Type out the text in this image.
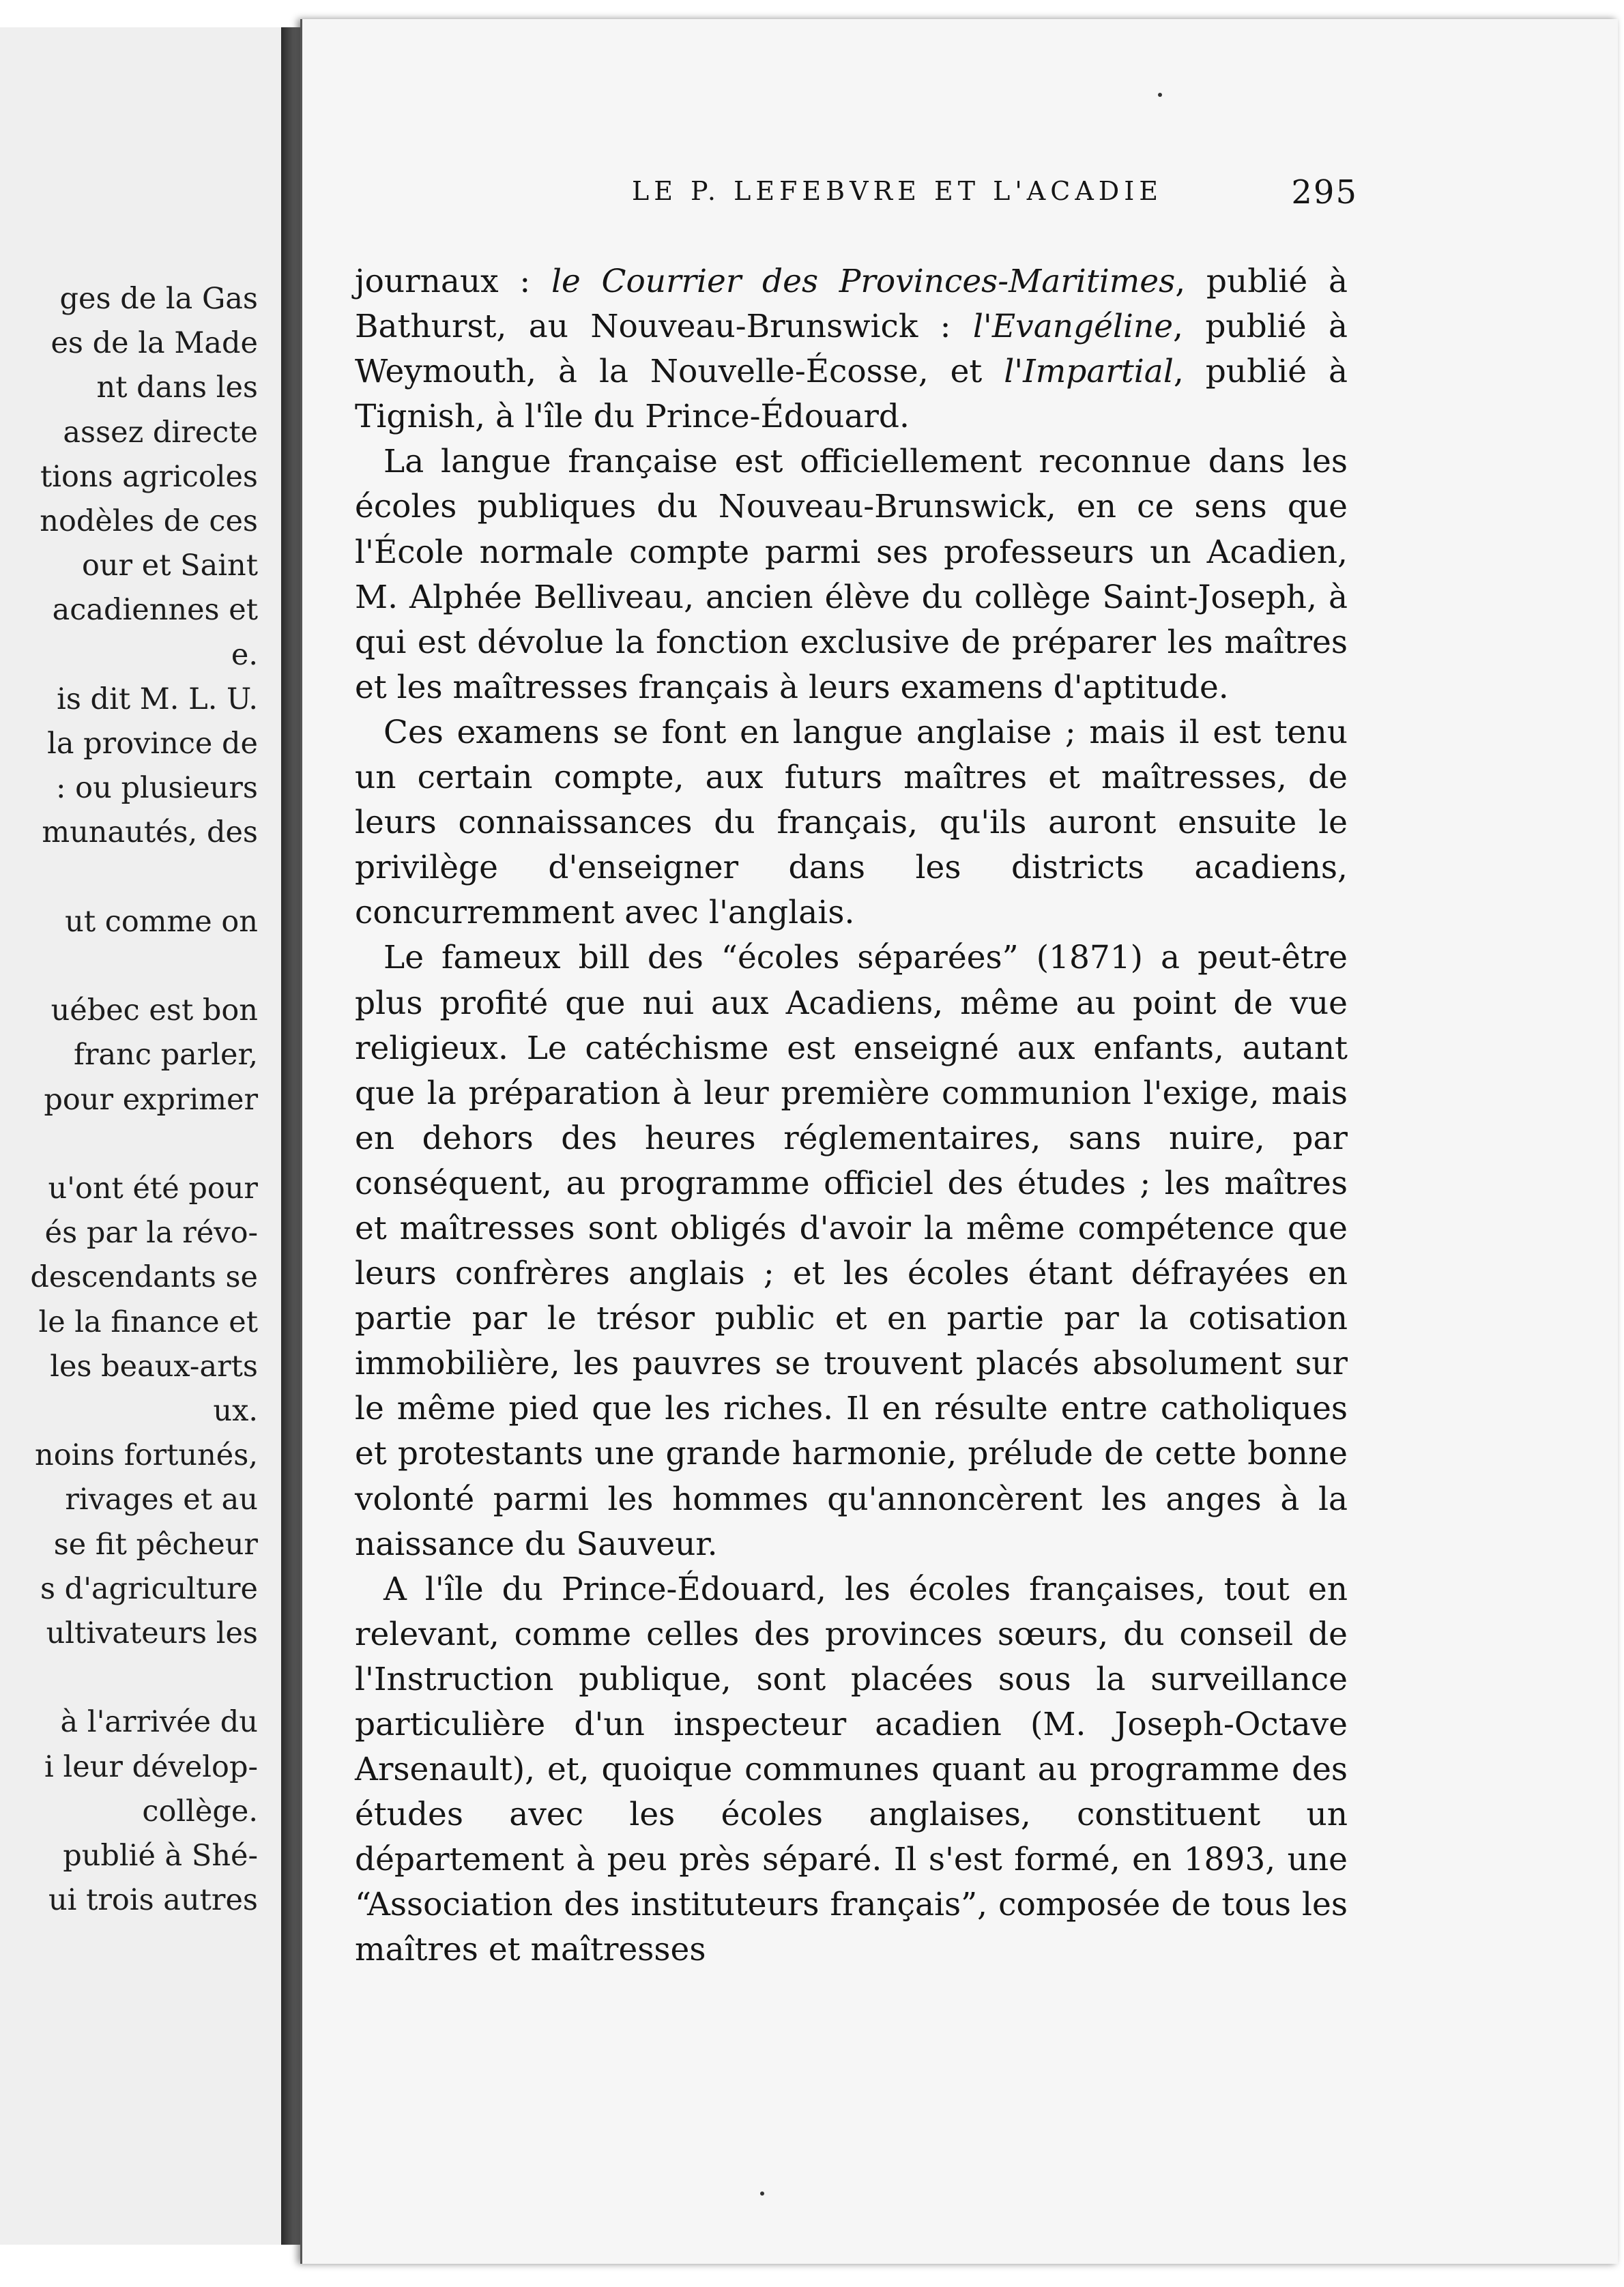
ges de la Gas
es de la Made
nt dans les
assez directe
tions agricoles
nodèles de ces
our et Saint
acadiennes et
e.
is dit M. L. U.
la province de
: ou plusieurs
munautés, des
ut comme on
uébec est bon
franc parler,
pour exprimer
u'ont été pour
és par la révo-
descendants se
le la finance et
les beaux-arts
ux.
noins fortunés,
rivages et au
se fit pêcheur
s d'agriculture
ultivateurs les
à l'arrivée du
i leur dévelop-
collège.
publié à Shé-
ui trois autres
LE P. LEFEBVRE ET L'ACADIE	295

journaux : le Courrier des Provinces-Maritimes, publié à Bathurst, au Nouveau-Brunswick : l'Evangéline, publié à Weymouth, à la Nouvelle-Écosse, et l'Impartial, publié à Tignish, à l'île du Prince-Édouard.

La langue française est officiellement reconnue dans les écoles publiques du Nouveau-Brunswick, en ce sens que l'École normale compte parmi ses professeurs un Acadien, M. Alphée Belliveau, ancien élève du collège Saint-Joseph, à qui est dévolue la fonction exclusive de préparer les maîtres et les maîtresses français à leurs examens d'aptitude.

Ces examens se font en langue anglaise ; mais il est tenu un certain compte, aux futurs maîtres et maîtresses, de leurs connaissances du français, qu'ils auront ensuite le privilège d'enseigner dans les districts acadiens, concurremment avec l'anglais.

Le fameux bill des “écoles séparées” (1871) a peut-être plus profité que nui aux Acadiens, même au point de vue religieux. Le catéchisme est enseigné aux enfants, autant que la préparation à leur première communion l'exige, mais en dehors des heures réglementaires, sans nuire, par conséquent, au programme officiel des études ; les maîtres et maîtresses sont obligés d'avoir la même compétence que leurs confrères anglais ; et les écoles étant défrayées en partie par le trésor public et en partie par la cotisation immobilière, les pauvres se trouvent placés absolument sur le même pied que les riches. Il en résulte entre catholiques et protestants une grande harmonie, prélude de cette bonne volonté parmi les hommes qu'annoncèrent les anges à la naissance du Sauveur.

A l'île du Prince-Édouard, les écoles françaises, tout en relevant, comme celles des provinces sœurs, du conseil de l'Instruction publique, sont placées sous la surveillance particulière d'un inspecteur acadien (M. Joseph-Octave Arsenault), et, quoique communes quant au programme des études avec les écoles anglaises, constituent un département à peu près séparé. Il s'est formé, en 1893, une “Association des instituteurs français”, composée de tous les maîtres et maîtresses
